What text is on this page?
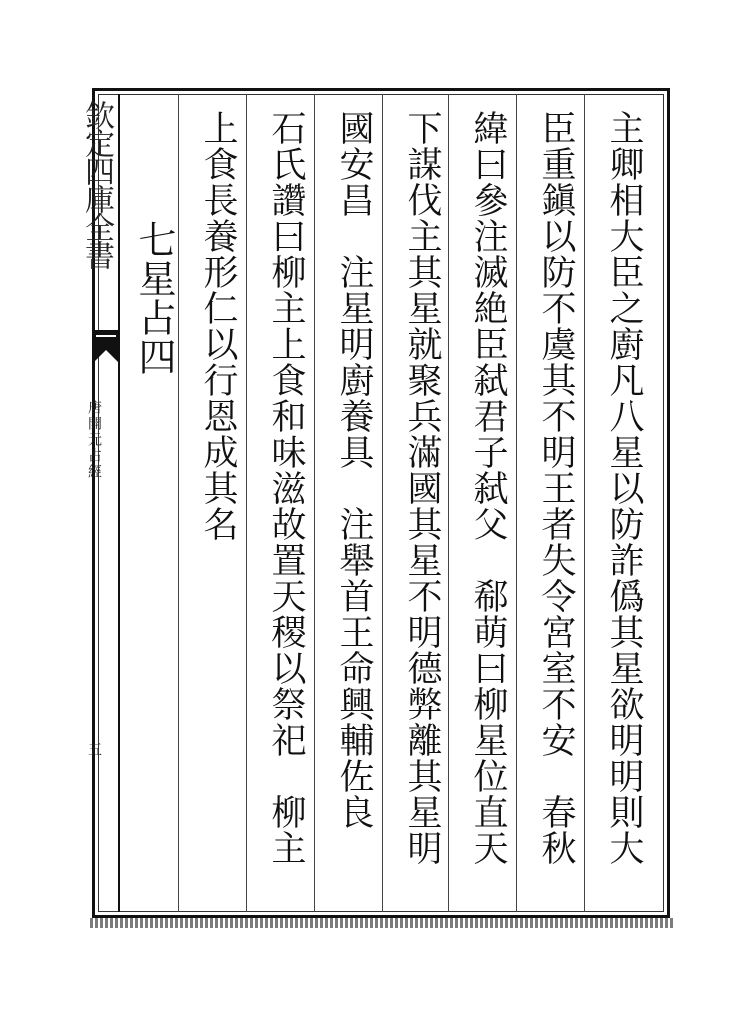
欽定四庫全書
唐開元占經
五	主卿相大臣之廚凡八星以防詐僞其星欲明明則大
臣重鎭以防不虞其不明王者失令宮室不安　春秋
緯曰參注滅絶臣弑君子弑父　郗萌曰柳星位直天
下謀伐主其星就聚兵滿國其星不明德弊離其星明
國安昌　注星明廚養具　注舉首王命興輔佐良
石氏讚曰柳主上食和味滋故置天稷以祭祀　柳主
上食長養形仁以行恩成其名
七星占四
